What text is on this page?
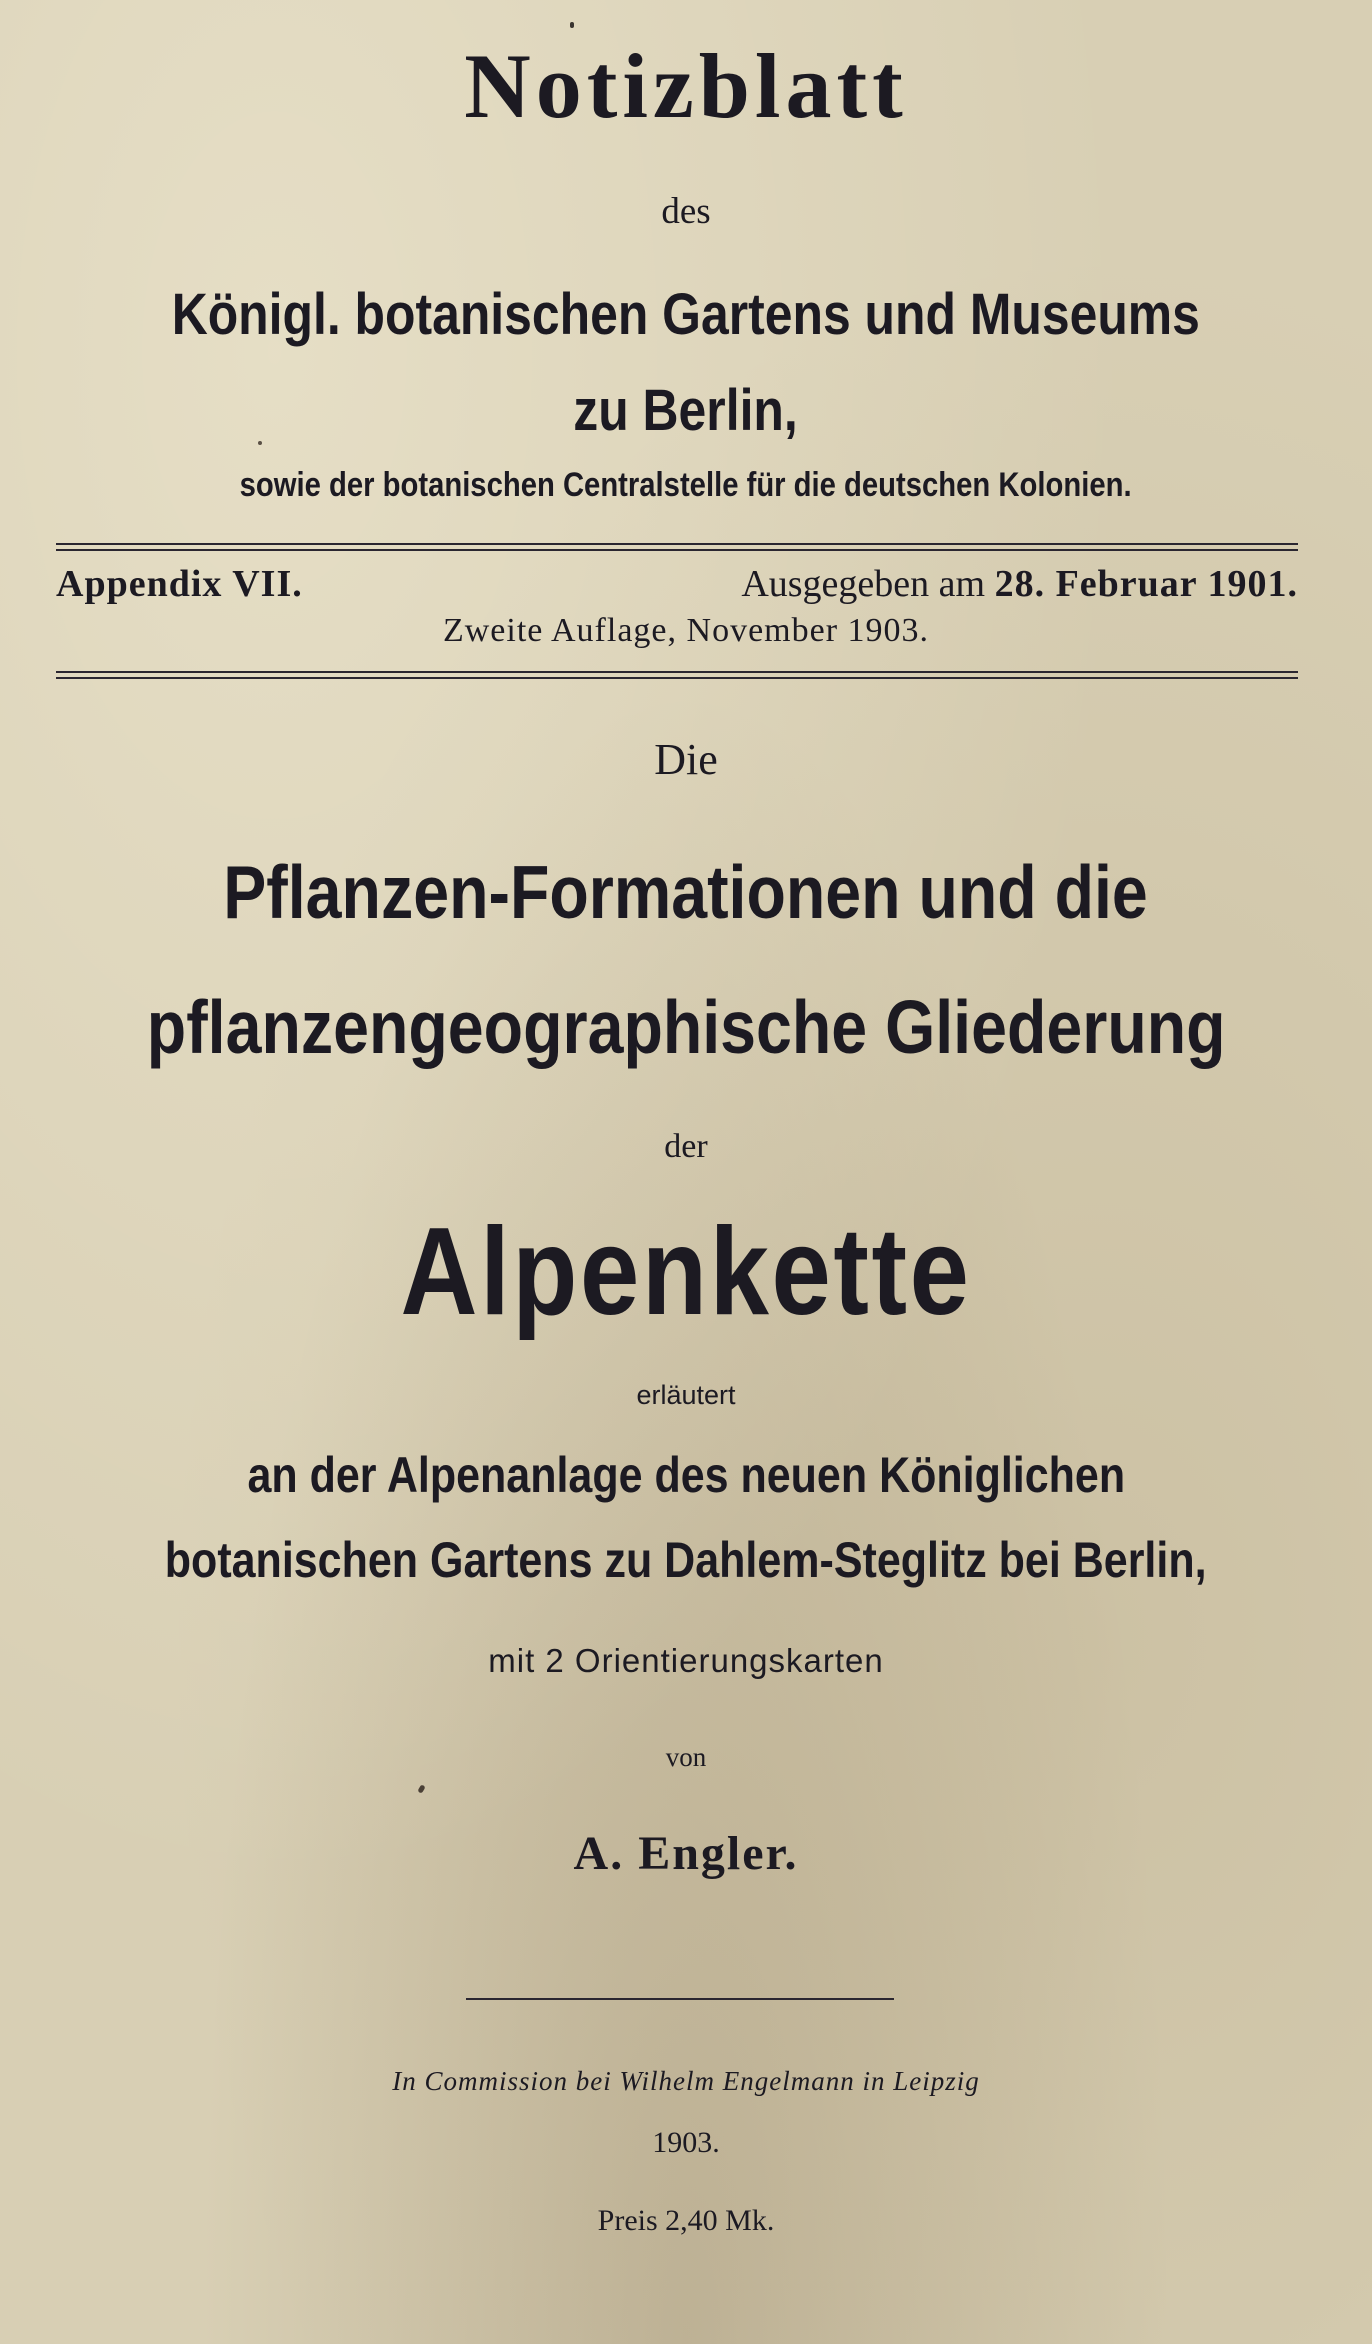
Notizblatt
des
Königl. botanischen Gartens und Museums
zu Berlin,
sowie der botanischen Centralstelle für die deutschen Kolonien.
Appendix VII.	Ausgegeben am 28. Februar 1901.
Zweite Auflage, November 1903.
Die
Pflanzen-Formationen und die
pflanzengeographische Gliederung
der
Alpenkette
erläutert
an der Alpenanlage des neuen Königlichen
botanischen Gartens zu Dahlem-Steglitz bei Berlin,
mit 2 Orientierungskarten
von
A. Engler.
In Commission bei Wilhelm Engelmann in Leipzig
1903.
Preis 2,40 Mk.
